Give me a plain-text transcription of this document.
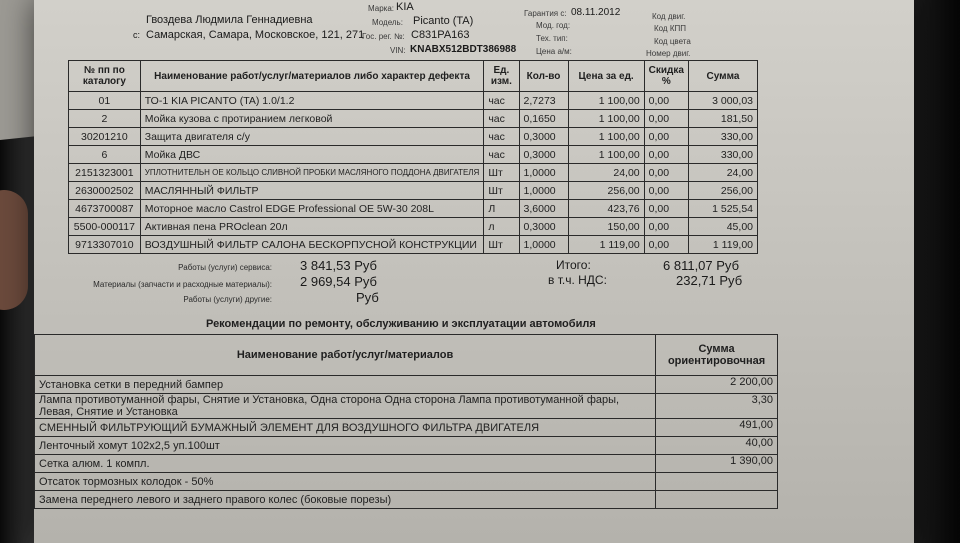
Гвоздева Людмила Геннадиевна
с: Самарская, Самара, Московское, 121, 271
Марка: KIA
Модель: Picanto (TA)
Гос. рег. №: C831PA163
VIN: KNABX512BDT386988
Гарантия с: 08.11.2012
Мод. год:
Тех. тип:
Цена а/м:
Код двиг.
Код КПП
Код цвета
Номер двиг.
№ пп по каталогу	Наименование работ/услуг/материалов либо характер дефекта	Ед. изм.	Кол-во	Цена за ед.	Скидка %	Сумма
01	ТО-1 KIA PICANTO (TA) 1.0/1.2	час	2,7273	1 100,00	0,00	3 000,03
2	Мойка кузова с протиранием легковой	час	0,1650	1 100,00	0,00	181,50
30201210	Защита двигателя с/у	час	0,3000	1 100,00	0,00	330,00
6	Мойка ДВС	час	0,3000	1 100,00	0,00	330,00
2151323001	УПЛОТНИТЕЛЬН ОЕ КОЛЬЦО СЛИВНОЙ ПРОБКИ МАСЛЯНОГО ПОДДОНА ДВИГАТЕЛЯ	Шт	1,0000	24,00	0,00	24,00
2630002502	МАСЛЯННЫЙ ФИЛЬТР	Шт	1,0000	256,00	0,00	256,00
4673700087	Моторное масло Castrol EDGE Professional OE 5W-30 208L	Л	3,6000	423,76	0,00	1 525,54
5500-000117	Активная пена PROclean 20л	л	0,3000	150,00	0,00	45,00
9713307010	ВОЗДУШНЫЙ ФИЛЬТР САЛОНА БЕСКОРПУСНОЙ КОНСТРУКЦИИ	Шт	1,0000	1 119,00	0,00	1 119,00
Работы (услуги) сервиса: 3 841,53 Руб
Материалы (запчасти и расходные материалы): 2 969,54 Руб
Работы (услуги) другие:	Руб
Итого:	6 811,07 Руб
в т.ч. НДС:	232,71 Руб
Рекомендации по ремонту, обслуживанию и эксплуатации автомобиля
Наименование работ/услуг/материалов	Сумма ориентировочная
Установка сетки в передний бампер	2 200,00
Лампа противотуманной фары, Снятие и Установка, Одна сторона Одна сторона Лампа противотуманной фары, Левая, Снятие и Установка	3,30
СМЕННЫЙ ФИЛЬТРУЮЩИЙ БУМАЖНЫЙ ЭЛЕМЕНТ ДЛЯ ВОЗДУШНОГО ФИЛЬТРА ДВИГАТЕЛЯ	491,00
Ленточный хомут 102х2,5 уп.100шт	40,00
Сетка алюм. 1 компл.	1 390,00
Отсаток тормозных колодок - 50%	
Замена переднего левого и заднего правого колес (боковые порезы)	
